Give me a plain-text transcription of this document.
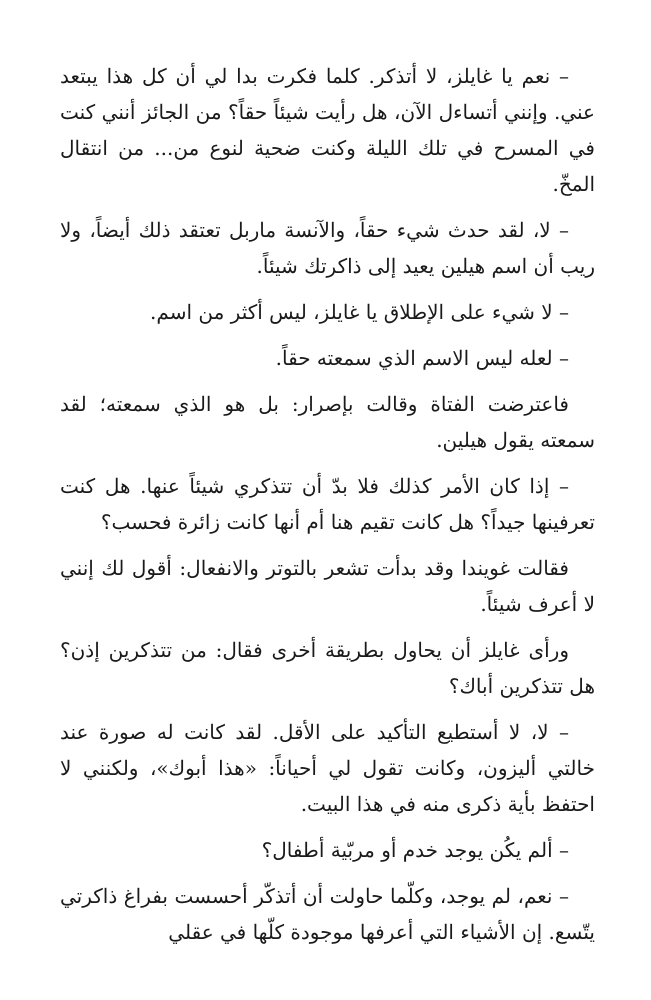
– نعم يا غايلز، لا أتذكر. كلما فكرت بدا لي أن كل هذا يبتعد عني. وإنني أتساءل الآن، هل رأيت شيئاً حقاً؟ من الجائز أنني كنت في المسرح في تلك الليلة وكنت ضحية لنوع من... من انتقال المخّ.

– لا، لقد حدث شيء حقاً، والآنسة ماربل تعتقد ذلك أيضاً، ولا ريب أن اسم هيلين يعيد إلى ذاكرتك شيئاً.

– لا شيء على الإطلاق يا غايلز، ليس أكثر من اسم.

– لعله ليس الاسم الذي سمعته حقاً.

فاعترضت الفتاة وقالت بإصرار: بل هو الذي سمعته؛ لقد سمعته يقول هيلين.

– إذا كان الأمر كذلك فلا بدّ أن تتذكري شيئاً عنها. هل كنت تعرفينها جيداً؟ هل كانت تقيم هنا أم أنها كانت زائرة فحسب؟

فقالت غويندا وقد بدأت تشعر بالتوتر والانفعال: أقول لك إنني لا أعرف شيئاً.

ورأى غايلز أن يحاول بطريقة أخرى فقال: من تتذكرين إذن؟ هل تتذكرين أباك؟

– لا، لا أستطيع التأكيد على الأقل. لقد كانت له صورة عند خالتي أليزون، وكانت تقول لي أحياناً: «هذا أبوك»، ولكنني لا احتفظ بأية ذكرى منه في هذا البيت.

– ألم يكُن يوجد خدم أو مربّية أطفال؟

– نعم، لم يوجد، وكلّما حاولت أن أتذكّر أحسست بفراغ ذاكرتي يتّسع. إن الأشياء التي أعرفها موجودة كلّها في عقلي
